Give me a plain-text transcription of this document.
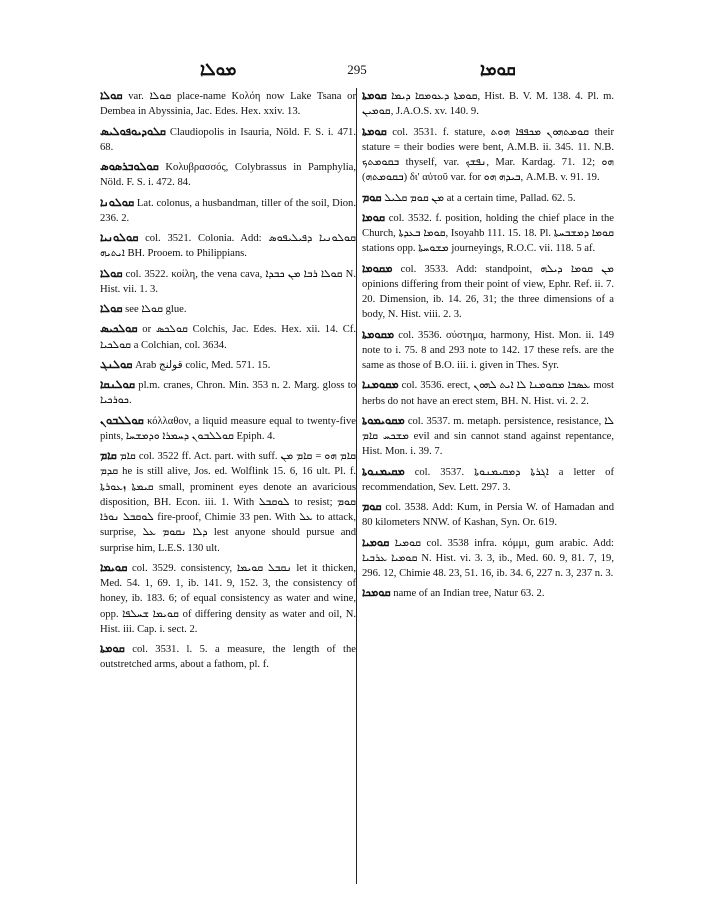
ܡܘܠܐ	295	ܩܘܡܐ

ܩܘܠܐ var. ܩܘܠܐ place-name Κολόη now Lake Tsana or Dembea in Abyssinia, Jac. Edes. Hex. xxiv. 13.

ܩܠܘܕܝܘܦܘܠܝܣ Claudiopolis in Isauria, Nöld. F. S. i. 471. 68.

ܩܘܠܘܒܪܣܘܣ Κολυβρασσός, Colybrassus in Pamphylia, Nöld. F. S. i. 472. 84.

ܩܘܠܘܢܐ Lat. colonus, a husbandman, tiller of the soil, Dion. 236. 2.

ܩܘܠܘܢܝܐ col. 3521. Colonia. Add: ܩܘܠܘܢܝܐ ܕܦܝܠܝܦܘܣ ܐܝܬܝܗ BH. Prooem. to Philippians.

ܩܘܠܐ col. 3522. κοίλη, the vena cava, ܩܘܠܐ ܪܒܐ ܡܢ ܟܒܕܐ N. Hist. vii. 1. 3.

ܩܘܠܐ see ܩܘܠܐ glue.

ܩܘܠܟܝܣ or ܩܘܠܟܣ Colchis, Jac. Edes. Hex. xii. 14. Cf. ܩܘܠܟܝܐ a Colchian, col. 3634.

ܩܘܠܢܓ Arab قولنج colic, Med. 571. 15.

ܩܘܠܢܩܐ pl.m. cranes, Chron. Min. 353 n. 2. Marg. gloss to ܟܘܪܟܝܐ.

ܩܘܠܠܒܘܢ κόλλαθον, a liquid measure equal to twenty-five pints, ܩܘܠܠܒܘܢ ܕܚܡܪܐ ܘܕܡܫܚܐ Epiph. 4.

ܩܐܡ ܩܐܡ col. 3522 ff. Act. part. with suff. ܩܐܡ ܗܘ = ܩܐܡ ܡܢ ܩܕܡ he is still alive, Jos. ed. Wolflink 15. 6, 16 ult. Pl. f. ܩܝܡܬܐ ܙܥܘܪܬܐ small, prominent eyes denote an avaricious disposition, BH. Econ. iii. 1. With ܠܘܩܒܠ to resist; ܩܘܡ ܠܘܩܒܠ ܢܘܪܐ fire-proof, Chimie 33 pen. With ܥܠ to attack, surprise, ܕܠܐ ܢܩܘܡ ܥܠ lest anyone should pursue and surprise him, L.E.S. 130 ult.

ܩܘܝܡܐ col. 3529. consistency, ܢܩܒܠ ܩܘܝܡܐ let it thicken, Med. 54. 1, 69. 1, ib. 141. 9, 152. 3, the consistency of honey, ib. 183. 6; of equal consistency as water and wine, opp. ܩܘܝܡܐ ܫܚܠܦܐ of differing density as water and oil, N. Hist. iii. Cap. i. sect. 2.

ܩܘܡܬܐ col. 3531. l. 5. a measure, the length of the outstretched arms, about a fathom, pl. f.

ܩܘܡܬܐ ܩܘܡܬܐ ܕܥܘܡܩܐ ܕܝܡܐ, Hist. B. V. M. 138. 4. Pl. m. ܩܘܡܝܢ, J.A.O.S. xv. 140. 9.

ܩܘܡܬܐ col. 3531. f. stature, ܩܘܡܬܗܘܢ ܡܟܦܦܐ ܗܘܬ their stature = their bodies were bent, A.M.B. ii. 345. 11. N.B. ܒܩܘܡܬܟ thyself, var. ܢܦܫܟ, Mar. Kardag. 71. 12; ܗܘ (ܒܩܘܡܬܗ) δι' αὐτοῦ var. for ܒܝܕܗ ܗܘ, A.M.B. v. 91. 19.

ܩܘܡ ܡܢ ܩܘܡ ܩܠܝܠ at a certain time, Pallad. 62. 5.

ܩܘܡܐ col. 3532. f. position, holding the chief place in the Church, ܩܘܡܐ ܒܥܕܬܐ, Isoyahb 111. 15. 18. Pl. ܩܘܡܐ ܕܡܫܒܚܬܐ stations opp. ܡܫܘܚܬܐ journeyings, R.O.C. vii. 118. 5 af.

ܡܩܘܡܐ col. 3533. Add: standpoint, ܡܢ ܩܘܡܐ ܕܝܠܗ opinions differing from their point of view, Ephr. Ref. ii. 7. 20. Dimension, ib. 14. 26, 31; the three dimensions of a body, N. Hist. viii. 2. 3.

ܡܩܘܡܬܐ col. 3536. σύστημα, harmony, Hist. Mon. ii. 149 note to i. 75. 8 and 293 note to 142. 17 these refs. are the same as those of B.O. iii. i. given in Thes. Syr.

ܡܩܘܡܢܐ col. 3536. erect, ܥܣܒܐ ܡܩܘܡܢܐ ܠܐ ܐܝܬ ܠܗܘܢ most herbs do not have an erect stem, BH. N. Hist. vi. 2. 2.

ܡܩܘܝܡܘܬܐ col. 3537. m. metaph. persistence, resistance, ܠܐ ܡܫܟܚ ܩܐܡ evil and sin cannot stand against repentance, Hist. Mon. i. 39. 7.

ܡܩܝܡܢܘܬܐ col. 3537. ܐܓܪܬܐ ܕܡܩܝܡܢܘܬܐ a letter of recommendation, Sev. Lett. 297. 3.

ܩܘܡ col. 3538. Add: Kum, in Persia W. of Hamadan and 80 kilometers NNW. of Kashan, Syn. Or. 619.

ܩܘܡܝܐ ܩܘܡܝܐ col. 3538 infra. κόμμι, gum arabic. Add: ܩܘܡܝܐ ܥܪܒܝܐ N. Hist. vi. 3. 3, ib., Med. 60. 9, 81. 7, 19, 296. 12, Chimie 48. 23, 51. 16, ib. 34. 6, 227 n. 3, 237 n. 3.

ܩܘܡܟܐ name of an Indian tree, Natur 63. 2.
